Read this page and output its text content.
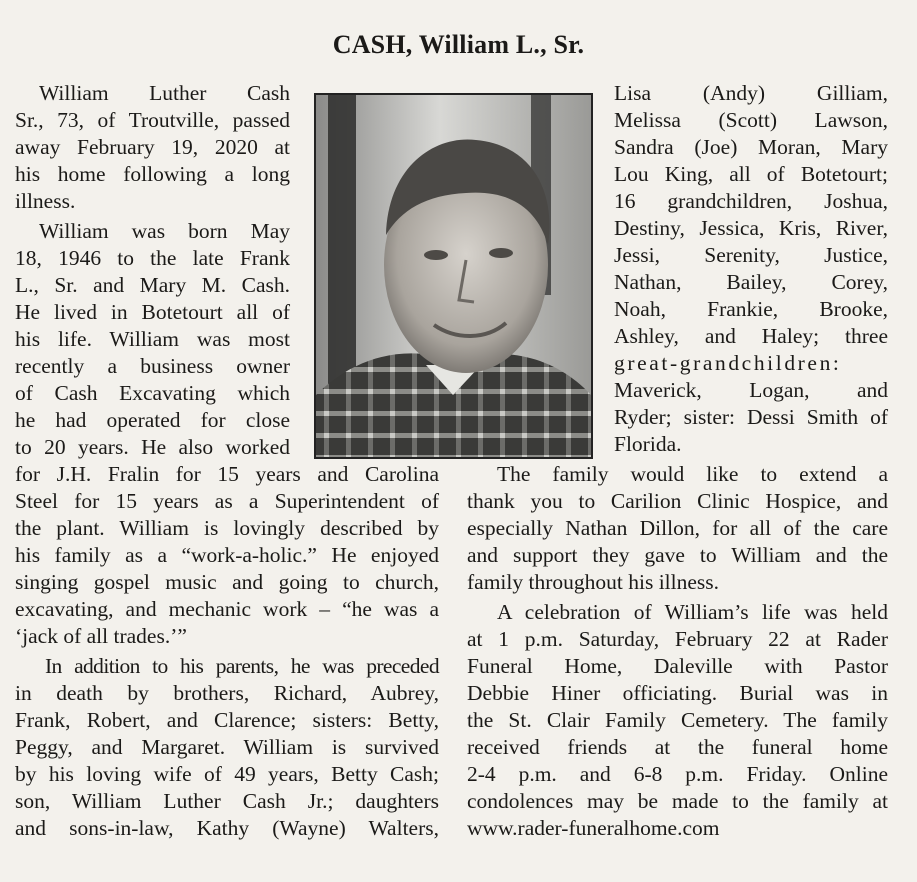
CASH, William L., Sr.
William Luther Cash
Sr., 73, of Troutville, passed
away February 19, 2020 at
his home following a long
illness.
William was born May
18, 1946 to the late Frank
L., Sr. and Mary M. Cash.
He lived in Botetourt all of
his life. William was most
recently a business owner
of Cash Excavating which
he had operated for close
to 20 years. He also worked
for J.H. Fralin for 15 years and Carolina
Steel for 15 years as a Superintendent of
the plant. William is lovingly described by
his family as a “work-a-holic.” He enjoyed
singing gospel music and going to church,
excavating, and mechanic work – “he was a
‘jack of all trades.’”
In addition to his parents, he was preceded
in death by brothers, Richard, Aubrey,
Frank, Robert, and Clarence; sisters: Betty,
Peggy, and Margaret. William is survived
by his loving wife of 49 years, Betty Cash;
son, William Luther Cash Jr.; daughters
and sons-in-law, Kathy (Wayne) Walters,
Lisa (Andy) Gilliam,
Melissa (Scott) Lawson,
Sandra (Joe) Moran, Mary
Lou King, all of Botetourt;
16 grandchildren, Joshua,
Destiny, Jessica, Kris, River,
Jessi, Serenity, Justice,
Nathan, Bailey, Corey,
Noah, Frankie, Brooke,
Ashley, and Haley; three
great-grandchildren:
Maverick, Logan, and
Ryder; sister: Dessi Smith of
Florida.
The family would like to extend a
thank you to Carilion Clinic Hospice, and
especially Nathan Dillon, for all of the care
and support they gave to William and the
family throughout his illness.
A celebration of William’s life was held
at 1 p.m. Saturday, February 22 at Rader
Funeral Home, Daleville with Pastor
Debbie Hiner officiating. Burial was in
the St. Clair Family Cemetery. The family
received friends at the funeral home
2-4 p.m. and 6-8 p.m. Friday. Online
condolences may be made to the family at
www.rader-funeralhome.com
